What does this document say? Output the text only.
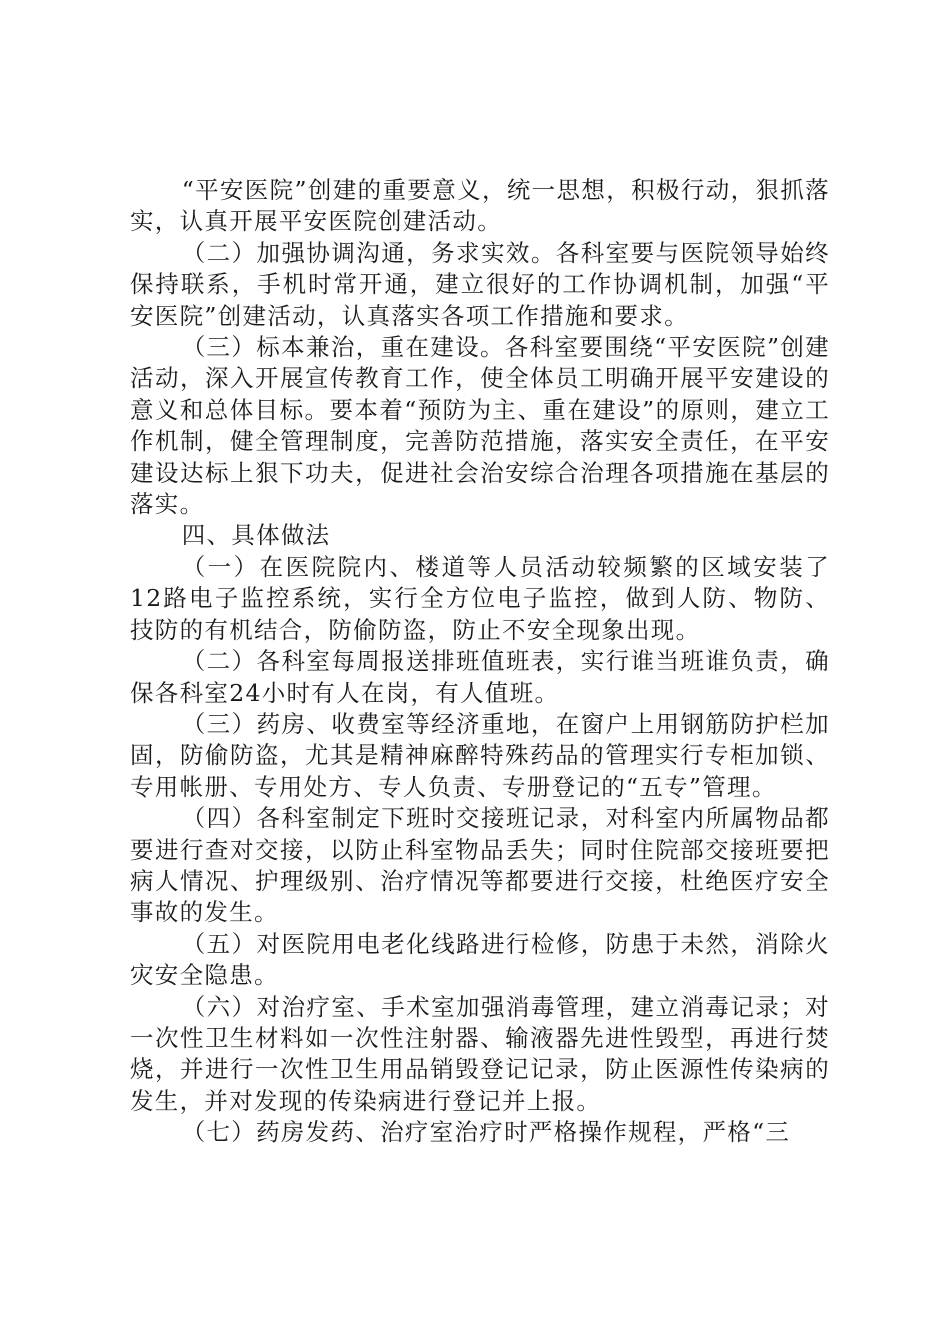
“平安医院”创建的重要意义，统一思想，积极行动，狠抓落实，认真开展平安医院创建活动。

（二）加强协调沟通，务求实效。各科室要与医院领导始终保持联系，手机时常开通，建立很好的工作协调机制，加强“平安医院”创建活动，认真落实各项工作措施和要求。

（三）标本兼治，重在建设。各科室要围绕“平安医院”创建活动，深入开展宣传教育工作，使全体员工明确开展平安建设的意义和总体目标。要本着“预防为主、重在建设”的原则，建立工作机制，健全管理制度，完善防范措施，落实安全责任，在平安建设达标上狠下功夫，促进社会治安综合治理各项措施在基层的落实。

四、具体做法

（一）在医院院内、楼道等人员活动较频繁的区域安装了12路电子监控系统，实行全方位电子监控，做到人防、物防、技防的有机结合，防偷防盗，防止不安全现象出现。

（二）各科室每周报送排班值班表，实行谁当班谁负责，确保各科室24小时有人在岗，有人值班。

（三）药房、收费室等经济重地，在窗户上用钢筋防护栏加固，防偷防盗，尤其是精神麻醉特殊药品的管理实行专柜加锁、专用帐册、专用处方、专人负责、专册登记的“五专”管理。

（四）各科室制定下班时交接班记录，对科室内所属物品都要进行查对交接，以防止科室物品丢失；同时住院部交接班要把病人情况、护理级别、治疗情况等都要进行交接，杜绝医疗安全事故的发生。

（五）对医院用电老化线路进行检修，防患于未然，消除火灾安全隐患。

（六）对治疗室、手术室加强消毒管理，建立消毒记录；对一次性卫生材料如一次性注射器、输液器先进性毁型，再进行焚烧，并进行一次性卫生用品销毁登记记录，防止医源性传染病的发生，并对发现的传染病进行登记并上报。

（七）药房发药、治疗室治疗时严格操作规程，严格“三
